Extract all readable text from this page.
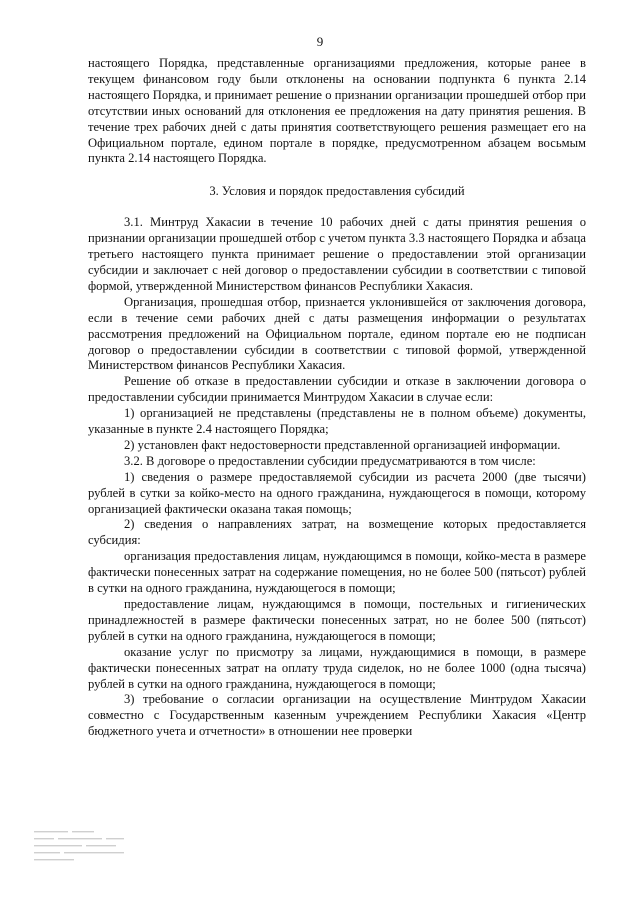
9

настоящего Порядка, представленные организациями предложения, которые ранее в текущем финансовом году были отклонены на основании подпункта 6 пункта 2.14 настоящего Порядка, и принимает решение о признании организации прошедшей отбор при отсутствии иных оснований для отклонения ее предложения на дату принятия решения. В течение трех рабочих дней с даты принятия соответствующего решения размещает его на Официальном портале, едином портале в порядке, предусмотренном абзацем восьмым пункта 2.14 настоящего Порядка.

3. Условия и порядок предоставления субсидий

3.1. Минтруд Хакасии в течение 10 рабочих дней с даты принятия решения о признании организации прошедшей отбор с учетом пункта 3.3 настоящего Порядка и абзаца третьего настоящего пункта принимает решение о предоставлении этой организации субсидии и заключает с ней договор о предоставлении субсидии в соответствии с типовой формой, утвержденной Министерством финансов Республики Хакасия.

Организация, прошедшая отбор, признается уклонившейся от заключения договора, если в течение семи рабочих дней с даты размещения информации о результатах рассмотрения предложений на Официальном портале, едином портале ею не подписан договор о предоставлении субсидии в соответствии с типовой формой, утвержденной Министерством финансов Республики Хакасия.

Решение об отказе в предоставлении субсидии и отказе в заключении договора о предоставлении субсидии принимается Минтрудом Хакасии в случае если:

1) организацией не представлены (представлены не в полном объеме) документы, указанные в пункте 2.4 настоящего Порядка;

2) установлен факт недостоверности представленной организацией информации.

3.2. В договоре о предоставлении субсидии предусматриваются в том числе:

1) сведения о размере предоставляемой субсидии из расчета 2000 (две тысячи) рублей в сутки за койко-место на одного гражданина, нуждающегося в помощи, которому организацией фактически оказана такая помощь;

2) сведения о направлениях затрат, на возмещение которых предоставляется субсидия:

организация предоставления лицам, нуждающимся в помощи, койко-места в размере фактически понесенных затрат на содержание помещения, но не более 500 (пятьсот) рублей в сутки на одного гражданина, нуждающегося в помощи;

предоставление лицам, нуждающимся в помощи, постельных и гигиенических принадлежностей в размере фактически понесенных затрат, но не более 500 (пятьсот) рублей в сутки на одного гражданина, нуждающегося в помощи;

оказание услуг по присмотру за лицами, нуждающимися в помощи, в размере фактически понесенных затрат на оплату труда сиделок, но не более 1000 (одна тысяча) рублей в сутки на одного гражданина, нуждающегося в помощи;

3) требование о согласии организации на осуществление Минтрудом Хакасии совместно с Государственным казенным учреждением Республики Хакасия «Центр бюджетного учета и отчетности» в отношении нее проверки
